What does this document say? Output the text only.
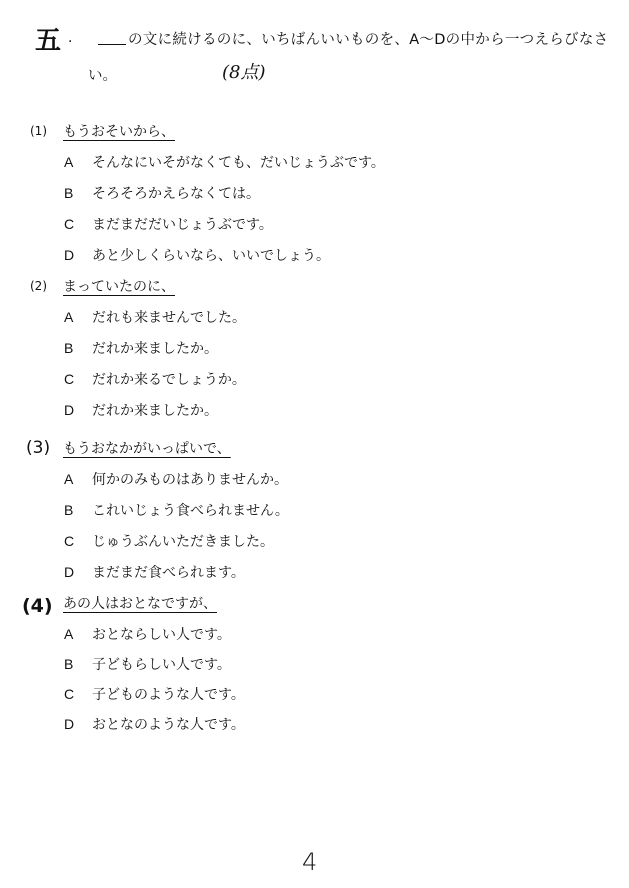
五 .	の文に続けるのに、いちばんいいものを、A～Dの中から一つえらびなさ
い。	(8点)
(1) もうおそいから、
A そんなにいそがなくても、だいじょうぶです。
B そろそろかえらなくては。
C まだまだだいじょうぶです。
D あと少しくらいなら、いいでしょう。
(2) まっていたのに、
A だれも来ませんでした。
B だれか来ましたか。
C だれか来るでしょうか。
D だれか来ましたか。
(3) もうおなかがいっぱいで、
A 何かのみものはありませんか。
B これいじょう食べられません。
C じゅうぶんいただきました。
D まだまだ食べられます。
(4) あの人はおとなですが、
A おとならしい人です。
B 子どもらしい人です。
C 子どものような人です。
D おとなのような人です。
4
